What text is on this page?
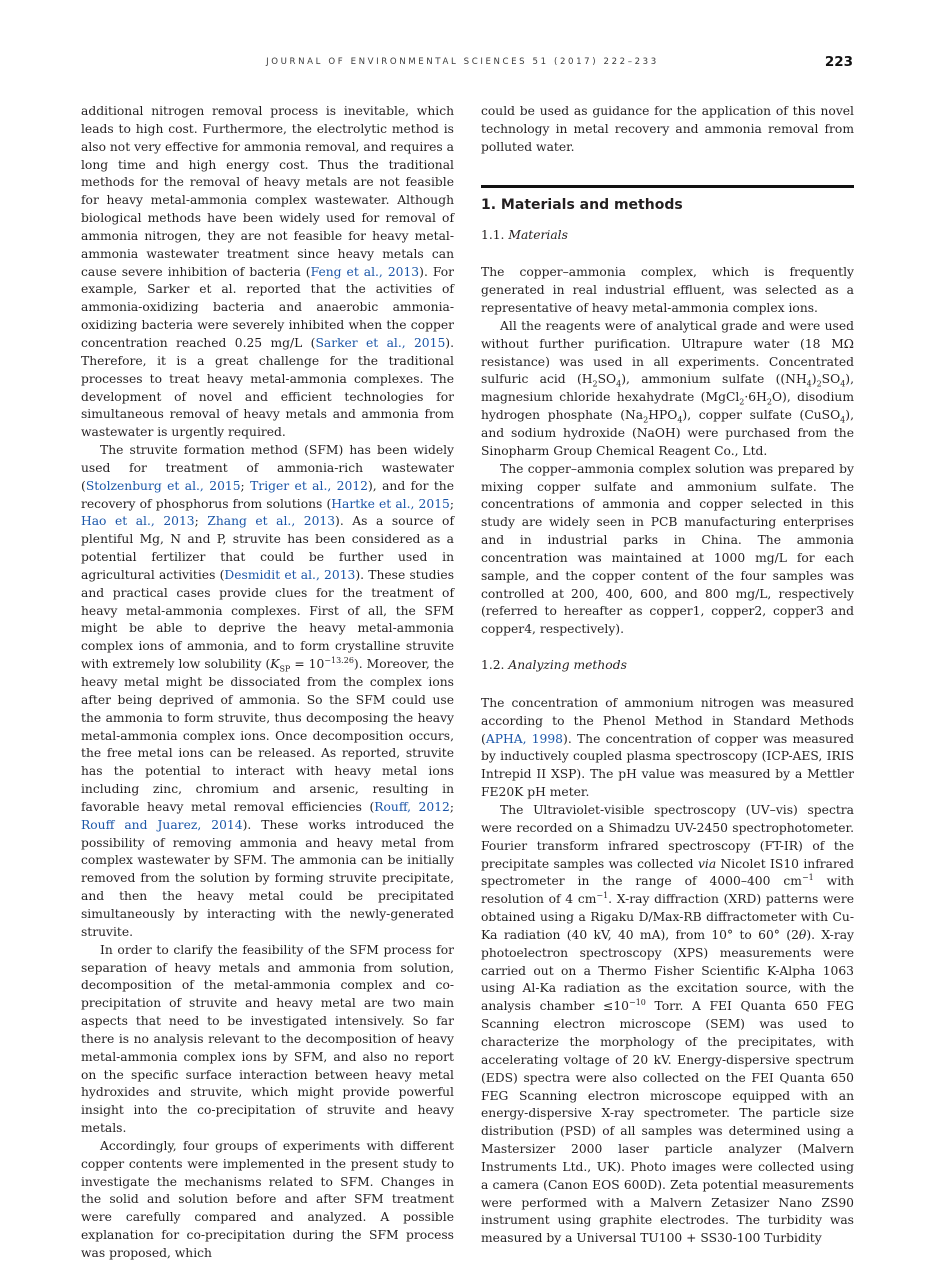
JOURNAL OF ENVIRONMENTAL SCIENCES 51 (2017) 222–233	223

additional nitrogen removal process is inevitable, which leads to high cost. Furthermore, the electrolytic method is also not very effective for ammonia removal, and requires a long time and high energy cost. Thus the traditional methods for the removal of heavy metals are not feasible for heavy metal-ammonia complex wastewater. Although biological methods have been widely used for removal of ammonia nitrogen, they are not feasible for heavy metal-ammonia wastewater treatment since heavy metals can cause severe inhibition of bacteria (Feng et al., 2013). For example, Sarker et al. reported that the activities of ammonia-oxidizing bacteria and anaerobic ammonia-oxidizing bacteria were severely inhibited when the copper concentration reached 0.25 mg/L (Sarker et al., 2015). Therefore, it is a great challenge for the traditional processes to treat heavy metal-ammonia complexes. The development of novel and efficient technologies for simultaneous removal of heavy metals and ammonia from wastewater is urgently required.

The struvite formation method (SFM) has been widely used for treatment of ammonia-rich wastewater (Stolzenburg et al., 2015; Triger et al., 2012), and for the recovery of phosphorus from solutions (Hartke et al., 2015; Hao et al., 2013; Zhang et al., 2013). As a source of plentiful Mg, N and P, struvite has been considered as a potential fertilizer that could be further used in agricultural activities (Desmidit et al., 2013). These studies and practical cases provide clues for the treatment of heavy metal-ammonia complexes. First of all, the SFM might be able to deprive the heavy metal-ammonia complex ions of ammonia, and to form crystalline struvite with extremely low solubility $(K_{SP} = 10^{-13.26})$. Moreover, the heavy metal might be dissociated from the complex ions after being deprived of ammonia. So the SFM could use the ammonia to form struvite, thus decomposing the heavy metal-ammonia complex ions. Once decomposition occurs, the free metal ions can be released. As reported, struvite has the potential to interact with heavy metal ions including zinc, chromium and arsenic, resulting in favorable heavy metal removal efficiencies (Rouff, 2012; Rouff and Juarez, 2014). These works introduced the possibility of removing ammonia and heavy metal from complex wastewater by SFM. The ammonia can be initially removed from the solution by forming struvite precipitate, and then the heavy metal could be precipitated simultaneously by interacting with the newly-generated struvite.

In order to clarify the feasibility of the SFM process for separation of heavy metals and ammonia from solution, decomposition of the metal-ammonia complex and co-precipitation of struvite and heavy metal are two main aspects that need to be investigated intensively. So far there is no analysis relevant to the decomposition of heavy metal-ammonia complex ions by SFM, and also no report on the specific surface interaction between heavy metal hydroxides and struvite, which might provide powerful insight into the co-precipitation of struvite and heavy metals.

Accordingly, four groups of experiments with different copper contents were implemented in the present study to investigate the mechanisms related to SFM. Changes in the solid and solution before and after SFM treatment were carefully compared and analyzed. A possible explanation for co-precipitation during the SFM process was proposed, which

could be used as guidance for the application of this novel technology in metal recovery and ammonia removal from polluted water.

1. Materials and methods
1.1. Materials

The copper–ammonia complex, which is frequently generated in real industrial effluent, was selected as a representative of heavy metal-ammonia complex ions.

All the reagents were of analytical grade and were used without further purification. Ultrapure water (18 MΩ resistance) was used in all experiments. Concentrated sulfuric acid $(H_2SO_4)$, ammonium sulfate $((NH_4)_2SO_4)$, magnesium chloride hexahydrate $(MgCl_2\cdot 6H_2O)$, disodium hydrogen phosphate $(Na_2HPO_4)$, copper sulfate (CuSO$_4$), and sodium hydroxide (NaOH) were purchased from the Sinopharm Group Chemical Reagent Co., Ltd.

The copper–ammonia complex solution was prepared by mixing copper sulfate and ammonium sulfate. The concentrations of ammonia and copper selected in this study are widely seen in PCB manufacturing enterprises and in industrial parks in China. The ammonia concentration was maintained at 1000 mg/L for each sample, and the copper content of the four samples was controlled at 200, 400, 600, and 800 mg/L, respectively (referred to hereafter as copper1, copper2, copper3 and copper4, respectively).

1.2. Analyzing methods

The concentration of ammonium nitrogen was measured according to the Phenol Method in Standard Methods (APHA, 1998). The concentration of copper was measured by inductively coupled plasma spectroscopy (ICP-AES, IRIS Intrepid II XSP). The pH value was measured by a Mettler FE20K pH meter.

The Ultraviolet-visible spectroscopy (UV–vis) spectra were recorded on a Shimadzu UV-2450 spectrophotometer. Fourier transform infrared spectroscopy (FT-IR) of the precipitate samples was collected via Nicolet IS10 infrared spectrometer in the range of 4000–400 $cm^{-1}$ with resolution of 4 $cm^{-1}$. X-ray diffraction (XRD) patterns were obtained using a Rigaku D/Max-RB diffractometer with Cu-Ka radiation (40 kV, 40 mA), from 10° to 60° (2θ). X-ray photoelectron spectroscopy (XPS) measurements were carried out on a Thermo Fisher Scientific K-Alpha 1063 using Al-Ka radiation as the excitation source, with the analysis chamber $\le 10^{-10}$ Torr. A FEI Quanta 650 FEG Scanning electron microscope (SEM) was used to characterize the morphology of the precipitates, with accelerating voltage of 20 kV. Energy-dispersive spectrum (EDS) spectra were also collected on the FEI Quanta 650 FEG Scanning electron microscope equipped with an energy-dispersive X-ray spectrometer. The particle size distribution (PSD) of all samples was determined using a Mastersizer 2000 laser particle analyzer (Malvern Instruments Ltd., UK). Photo images were collected using a camera (Canon EOS 600D). Zeta potential measurements were performed with a Malvern Zetasizer Nano ZS90 instrument using graphite electrodes. The turbidity was measured by a Universal TU100 + SS30-100 Turbidity
